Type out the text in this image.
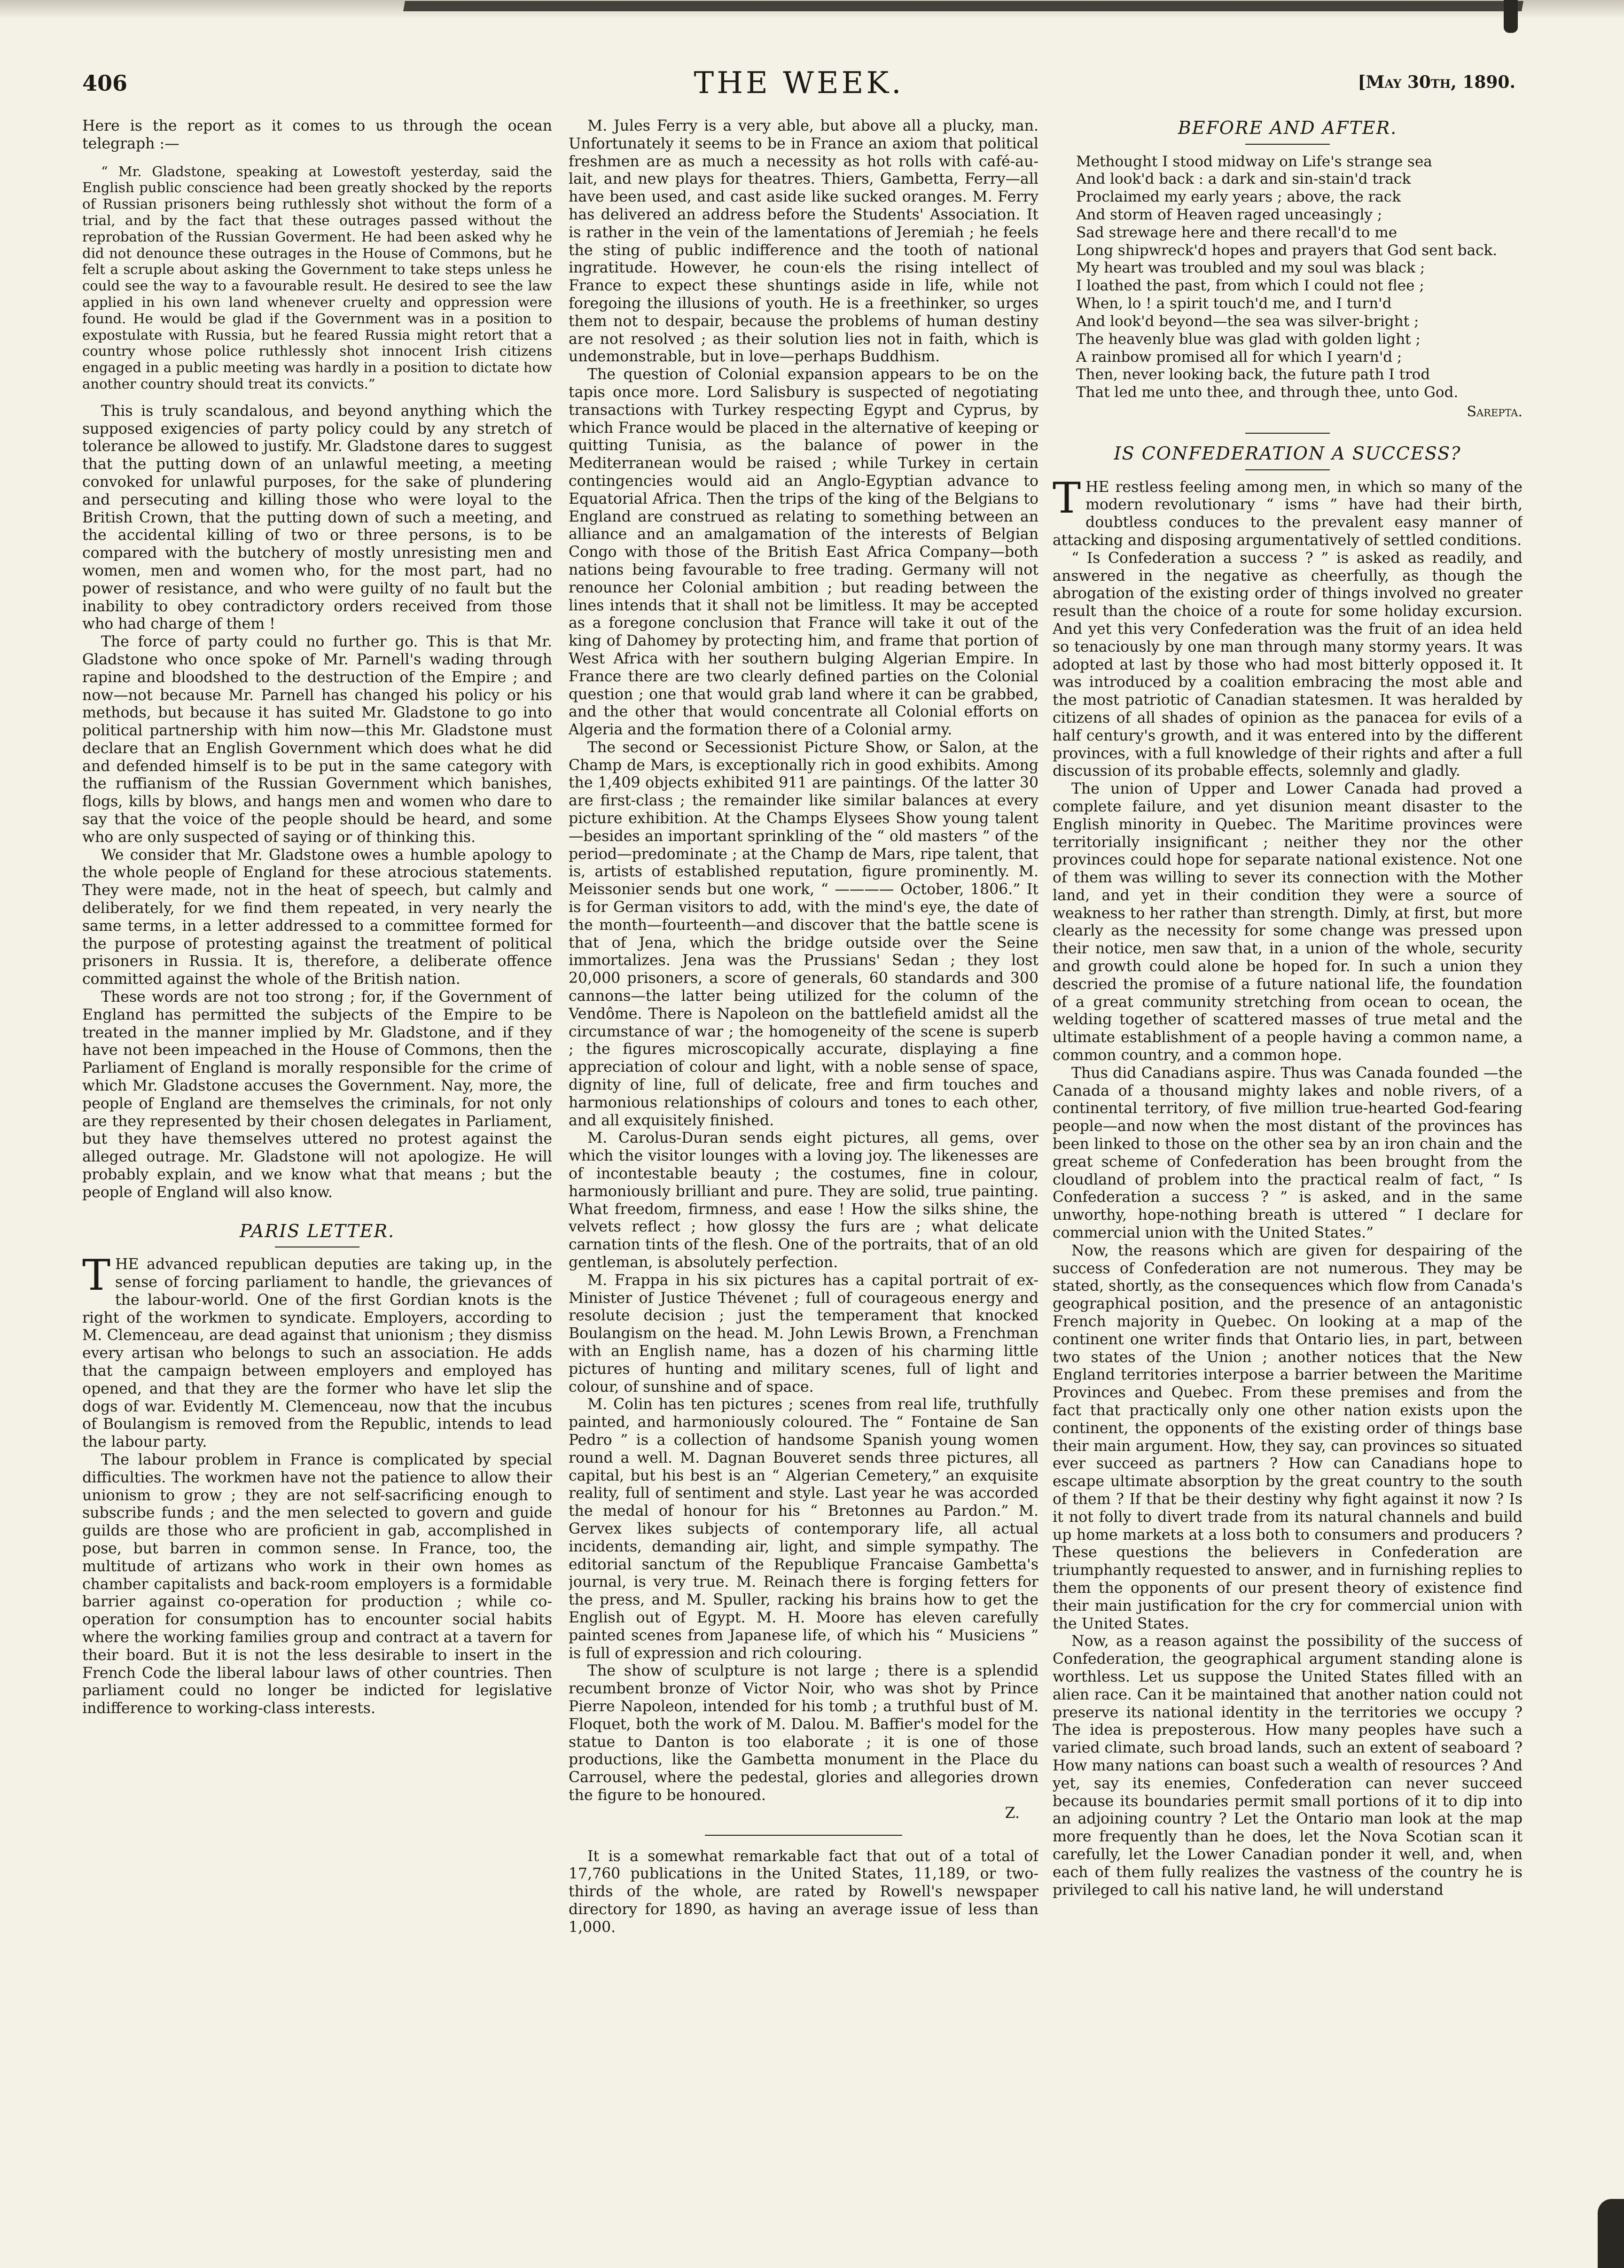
406	THE WEEK.	[May 30th, 1890.

Here is the report as it comes to us through the ocean telegraph :—

“ Mr. Gladstone, speaking at Lowestoft yesterday, said the English public conscience had been greatly shocked by the reports of Russian prisoners being ruthlessly shot without the form of a trial, and by the fact that these outrages passed without the reprobation of the Russian Goverment. He had been asked why he did not denounce these outrages in the House of Commons, but he felt a scruple about asking the Government to take steps unless he could see the way to a favourable result. He desired to see the law applied in his own land whenever cruelty and oppression were found. He would be glad if the Government was in a position to expostulate with Russia, but he feared Russia might retort that a country whose police ruthlessly shot innocent Irish citizens engaged in a public meeting was hardly in a position to dictate how another country should treat its convicts.”

This is truly scandalous, and beyond anything which the supposed exigencies of party policy could by any stretch of tolerance be allowed to justify. Mr. Gladstone dares to suggest that the putting down of an unlawful meeting, a meeting convoked for unlawful purposes, for the sake of plundering and persecuting and killing those who were loyal to the British Crown, that the putting down of such a meeting, and the accidental killing of two or three persons, is to be compared with the butchery of mostly unresisting men and women, men and women who, for the most part, had no power of resistance, and who were guilty of no fault but the inability to obey contradictory orders received from those who had charge of them !

The force of party could no further go. This is that Mr. Gladstone who once spoke of Mr. Parnell's wading through rapine and bloodshed to the destruction of the Empire ; and now—not because Mr. Parnell has changed his policy or his methods, but because it has suited Mr. Gladstone to go into political partnership with him now—this Mr. Gladstone must declare that an English Government which does what he did and defended himself is to be put in the same category with the ruffianism of the Russian Government which banishes, flogs, kills by blows, and hangs men and women who dare to say that the voice of the people should be heard, and some who are only suspected of saying or of thinking this.

We consider that Mr. Gladstone owes a humble apology to the whole people of England for these atrocious statements. They were made, not in the heat of speech, but calmly and deliberately, for we find them repeated, in very nearly the same terms, in a letter addressed to a committee formed for the purpose of protesting against the treatment of political prisoners in Russia. It is, therefore, a deliberate offence committed against the whole of the British nation.

These words are not too strong ; for, if the Government of England has permitted the subjects of the Empire to be treated in the manner implied by Mr. Gladstone, and if they have not been impeached in the House of Commons, then the Parliament of England is morally responsible for the crime of which Mr. Gladstone accuses the Government. Nay, more, the people of England are themselves the criminals, for not only are they represented by their chosen delegates in Parliament, but they have themselves uttered no protest against the alleged outrage. Mr. Gladstone will not apologize. He will probably explain, and we know what that means ; but the people of England will also know.

PARIS LETTER.

THE advanced republican deputies are taking up, in the sense of forcing parliament to handle, the grievances of the labour-world. One of the first Gordian knots is the right of the workmen to syndicate. Employers, according to M. Clemenceau, are dead against that unionism ; they dismiss every artisan who belongs to such an association. He adds that the campaign between employers and employed has opened, and that they are the former who have let slip the dogs of war. Evidently M. Clemenceau, now that the incubus of Boulangism is removed from the Republic, intends to lead the labour party.

The labour problem in France is complicated by special difficulties. The workmen have not the patience to allow their unionism to grow ; they are not self-sacrificing enough to subscribe funds ; and the men selected to govern and guide guilds are those who are proficient in gab, accomplished in pose, but barren in common sense. In France, too, the multitude of artizans who work in their own homes as chamber capitalists and back-room employers is a formidable barrier against co-operation for production ; while co-operation for consumption has to encounter social habits where the working families group and contract at a tavern for their board. But it is not the less desirable to insert in the French Code the liberal labour laws of other countries. Then parliament could no longer be indicted for legislative indifference to working-class interests.

M. Jules Ferry is a very able, but above all a plucky, man. Unfortunately it seems to be in France an axiom that political freshmen are as much a necessity as hot rolls with café-au-lait, and new plays for theatres. Thiers, Gambetta, Ferry—all have been used, and cast aside like sucked oranges. M. Ferry has delivered an address before the Students' Association. It is rather in the vein of the lamentations of Jeremiah ; he feels the sting of public indifference and the tooth of national ingratitude. However, he coun·els the rising intellect of France to expect these shuntings aside in life, while not foregoing the illusions of youth. He is a freethinker, so urges them not to despair, because the problems of human destiny are not resolved ; as their solution lies not in faith, which is undemonstrable, but in love—perhaps Buddhism.

The question of Colonial expansion appears to be on the tapis once more. Lord Salisbury is suspected of negotiating transactions with Turkey respecting Egypt and Cyprus, by which France would be placed in the alternative of keeping or quitting Tunisia, as the balance of power in the Mediterranean would be raised ; while Turkey in certain contingencies would aid an Anglo-Egyptian advance to Equatorial Africa. Then the trips of the king of the Belgians to England are construed as relating to something between an alliance and an amalgamation of the interests of Belgian Congo with those of the British East Africa Company—both nations being favourable to free trading. Germany will not renounce her Colonial ambition ; but reading between the lines intends that it shall not be limitless. It may be accepted as a foregone conclusion that France will take it out of the king of Dahomey by protecting him, and frame that portion of West Africa with her southern bulging Algerian Empire. In France there are two clearly defined parties on the Colonial question ; one that would grab land where it can be grabbed, and the other that would concentrate all Colonial efforts on Algeria and the formation there of a Colonial army.

The second or Secessionist Picture Show, or Salon, at the Champ de Mars, is exceptionally rich in good exhibits. Among the 1,409 objects exhibited 911 are paintings. Of the latter 30 are first-class ; the remainder like similar balances at every picture exhibition. At the Champs Elysees Show young talent—besides an important sprinkling of the “ old masters ” of the period—predominate ; at the Champ de Mars, ripe talent, that is, artists of established reputation, figure prominently. M. Meissonier sends but one work, “ ———— October, 1806.” It is for German visitors to add, with the mind's eye, the date of the month—fourteenth—and discover that the battle scene is that of Jena, which the bridge outside over the Seine immortalizes. Jena was the Prussians' Sedan ; they lost 20,000 prisoners, a score of generals, 60 standards and 300 cannons—the latter being utilized for the column of the Vendôme. There is Napoleon on the battlefield amidst all the circumstance of war ; the homogeneity of the scene is superb ; the figures microscopically accurate, displaying a fine appreciation of colour and light, with a noble sense of space, dignity of line, full of delicate, free and firm touches and harmonious relationships of colours and tones to each other, and all exquisitely finished.

M. Carolus-Duran sends eight pictures, all gems, over which the visitor lounges with a loving joy. The likenesses are of incontestable beauty ; the costumes, fine in colour, harmoniously brilliant and pure. They are solid, true painting. What freedom, firmness, and ease ! How the silks shine, the velvets reflect ; how glossy the furs are ; what delicate carnation tints of the flesh. One of the portraits, that of an old gentleman, is absolutely perfection.

M. Frappa in his six pictures has a capital portrait of ex-Minister of Justice Thévenet ; full of courageous energy and resolute decision ; just the temperament that knocked Boulangism on the head. M. John Lewis Brown, a Frenchman with an English name, has a dozen of his charming little pictures of hunting and military scenes, full of light and colour, of sunshine and of space.

M. Colin has ten pictures ; scenes from real life, truthfully painted, and harmoniously coloured. The “ Fontaine de San Pedro ” is a collection of handsome Spanish young women round a well. M. Dagnan Bouveret sends three pictures, all capital, but his best is an “ Algerian Cemetery,” an exquisite reality, full of sentiment and style. Last year he was accorded the medal of honour for his “ Bretonnes au Pardon.” M. Gervex likes subjects of contemporary life, all actual incidents, demanding air, light, and simple sympathy. The editorial sanctum of the Republique Francaise Gambetta's journal, is very true. M. Reinach there is forging fetters for the press, and M. Spuller, racking his brains how to get the English out of Egypt. M. H. Moore has eleven carefully painted scenes from Japanese life, of which his “ Musiciens ” is full of expression and rich colouring.

The show of sculpture is not large ; there is a splendid recumbent bronze of Victor Noir, who was shot by Prince Pierre Napoleon, intended for his tomb ; a truthful bust of M. Floquet, both the work of M. Dalou. M. Baffier's model for the statue to Danton is too elaborate ; it is one of those productions, like the Gambetta monument in the Place du Carrousel, where the pedestal, glories and allegories drown the figure to be honoured.

Z.

It is a somewhat remarkable fact that out of a total of 17,760 publications in the United States, 11,189, or two-thirds of the whole, are rated by Rowell's newspaper directory for 1890, as having an average issue of less than 1,000.

BEFORE AND AFTER.
Methought I stood midway on Life's strange sea
And look'd back : a dark and sin-stain'd track
Proclaimed my early years ; above, the rack
And storm of Heaven raged unceasingly ;
Sad strewage here and there recall'd to me
Long shipwreck'd hopes and prayers that God sent back.
My heart was troubled and my soul was black ;
I loathed the past, from which I could not flee ;
When, lo ! a spirit touch'd me, and I turn'd
And look'd beyond—the sea was silver-bright ;
The heavenly blue was glad with golden light ;
A rainbow promised all for which I yearn'd ;
Then, never looking back, the future path I trod
That led me unto thee, and through thee, unto God.
Sarepta.
IS CONFEDERATION A SUCCESS?

THE restless feeling among men, in which so many of the modern revolutionary “ isms ” have had their birth, doubtless conduces to the prevalent easy manner of attacking and disposing argumentatively of settled conditions.

“ Is Confederation a success ? ” is asked as readily, and answered in the negative as cheerfully, as though the abrogation of the existing order of things involved no greater result than the choice of a route for some holiday excursion. And yet this very Confederation was the fruit of an idea held so tenaciously by one man through many stormy years. It was adopted at last by those who had most bitterly opposed it. It was introduced by a coalition embracing the most able and the most patriotic of Canadian statesmen. It was heralded by citizens of all shades of opinion as the panacea for evils of a half century's growth, and it was entered into by the different provinces, with a full knowledge of their rights and after a full discussion of its probable effects, solemnly and gladly.

The union of Upper and Lower Canada had proved a complete failure, and yet disunion meant disaster to the English minority in Quebec. The Maritime provinces were territorially insignificant ; neither they nor the other provinces could hope for separate national existence. Not one of them was willing to sever its connection with the Mother land, and yet in their condition they were a source of weakness to her rather than strength. Dimly, at first, but more clearly as the necessity for some change was pressed upon their notice, men saw that, in a union of the whole, security and growth could alone be hoped for. In such a union they descried the promise of a future national life, the foundation of a great community stretching from ocean to ocean, the welding together of scattered masses of true metal and the ultimate establishment of a people having a common name, a common country, and a common hope.

Thus did Canadians aspire. Thus was Canada founded —the Canada of a thousand mighty lakes and noble rivers, of a continental territory, of five million true-hearted God-fearing people—and now when the most distant of the provinces has been linked to those on the other sea by an iron chain and the great scheme of Confederation has been brought from the cloudland of problem into the practical realm of fact, “ Is Confederation a success ? ” is asked, and in the same unworthy, hope-nothing breath is uttered “ I declare for commercial union with the United States.”

Now, the reasons which are given for despairing of the success of Confederation are not numerous. They may be stated, shortly, as the consequences which flow from Canada's geographical position, and the presence of an antagonistic French majority in Quebec. On looking at a map of the continent one writer finds that Ontario lies, in part, between two states of the Union ; another notices that the New England territories interpose a barrier between the Maritime Provinces and Quebec. From these premises and from the fact that practically only one other nation exists upon the continent, the opponents of the existing order of things base their main argument. How, they say, can provinces so situated ever succeed as partners ? How can Canadians hope to escape ultimate absorption by the great country to the south of them ? If that be their destiny why fight against it now ? Is it not folly to divert trade from its natural channels and build up home markets at a loss both to consumers and producers ? These questions the believers in Confederation are triumphantly requested to answer, and in furnishing replies to them the opponents of our present theory of existence find their main justification for the cry for commercial union with the United States.

Now, as a reason against the possibility of the success of Confederation, the geographical argument standing alone is worthless. Let us suppose the United States filled with an alien race. Can it be maintained that another nation could not preserve its national identity in the territories we occupy ? The idea is preposterous. How many peoples have such a varied climate, such broad lands, such an extent of seaboard ? How many nations can boast such a wealth of resources ? And yet, say its enemies, Confederation can never succeed because its boundaries permit small portions of it to dip into an adjoining country ? Let the Ontario man look at the map more frequently than he does, let the Nova Scotian scan it carefully, let the Lower Canadian ponder it well, and, when each of them fully realizes the vastness of the country he is privileged to call his native land, he will understand
